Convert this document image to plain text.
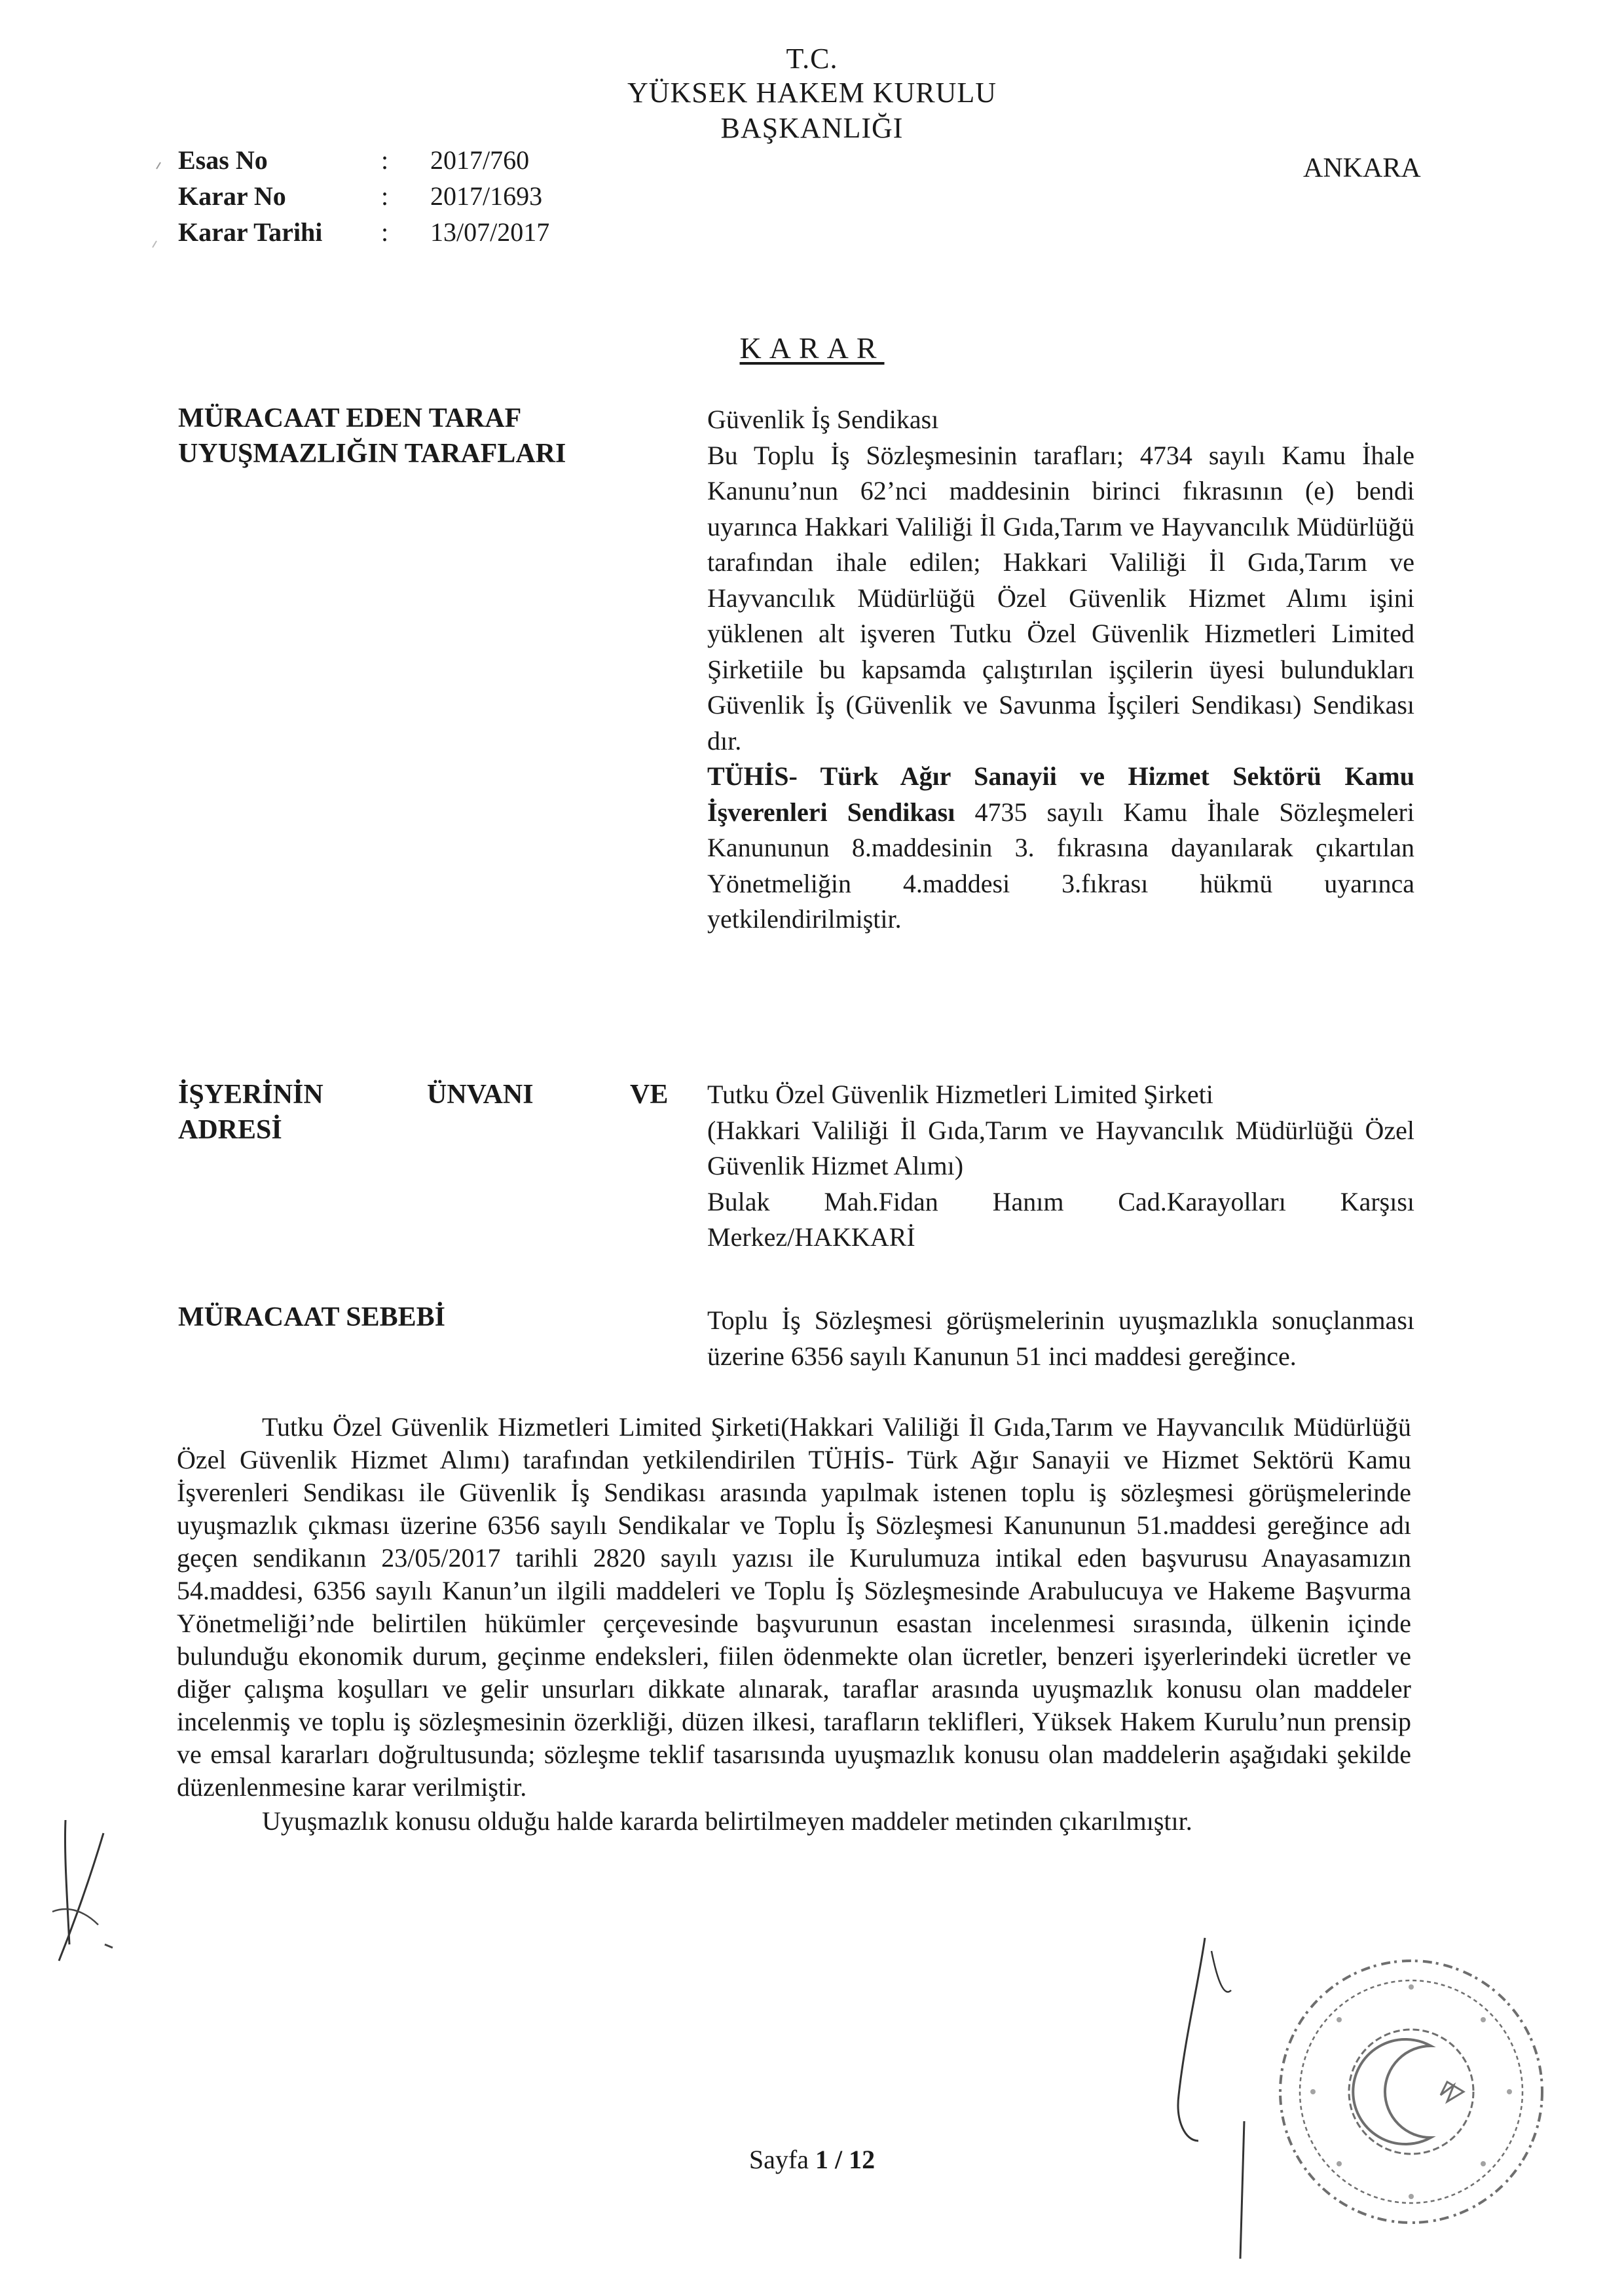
T.C.
YÜKSEK HAKEM KURULU
BAŞKANLIĞI
Esas No	: 2017/760
Karar No	: 2017/1693
Karar Tarihi : 13/07/2017
ANKARA
KARAR
MÜRACAAT EDEN TARAF
UYUŞMAZLIĞIN TARAFLARI

Güvenlik İş Sendikası

Bu Toplu İş Sözleşmesinin tarafları; 4734 sayılı Kamu İhale Kanunu’nun 62’nci maddesinin birinci fıkrasının (e) bendi uyarınca Hakkari Valiliği İl Gıda,Tarım ve Hayvancılık Müdürlüğü tarafından ihale edilen; Hakkari Valiliği İl Gıda,Tarım ve Hayvancılık Müdürlüğü Özel Güvenlik Hizmet Alımı işini yüklenen alt işveren Tutku Özel Güvenlik Hizmetleri Limited Şirketiile bu kapsamda çalıştırılan işçilerin üyesi bulundukları Güvenlik İş (Güvenlik ve Savunma İşçileri Sendikası) Sendikası dır.

TÜHİS- Türk Ağır Sanayii ve Hizmet Sektörü Kamu İşverenleri Sendikası 4735 sayılı Kamu İhale Sözleşmeleri Kanununun 8.maddesinin 3. fıkrasına dayanılarak çıkartılan Yönetmeliğin 4.maddesi 3.fıkrası hükmü uyarınca yetkilendirilmiştir.

İŞYERİNİN	ÜNVANI	VE
ADRESİ

Tutku Özel Güvenlik Hizmetleri Limited Şirketi

(Hakkari Valiliği İl Gıda,Tarım ve Hayvancılık Müdürlüğü Özel Güvenlik Hizmet Alımı)

Bulak Mah.Fidan Hanım Cad.Karayolları Karşısı Merkez/HAKKARİ

MÜRACAAT SEBEBİ	Toplu İş Sözleşmesi görüşmelerinin uyuşmazlıkla sonuçlanması üzerine 6356 sayılı Kanunun 51 inci maddesi gereğince.

Tutku Özel Güvenlik Hizmetleri Limited Şirketi(Hakkari Valiliği İl Gıda,Tarım ve Hayvancılık Müdürlüğü Özel Güvenlik Hizmet Alımı) tarafından yetkilendirilen TÜHİS- Türk Ağır Sanayii ve Hizmet Sektörü Kamu İşverenleri Sendikası ile Güvenlik İş Sendikası arasında yapılmak istenen toplu iş sözleşmesi görüşmelerinde uyuşmazlık çıkması üzerine 6356 sayılı Sendikalar ve Toplu İş Sözleşmesi Kanununun 51.maddesi gereğince adı geçen sendikanın 23/05/2017 tarihli 2820 sayılı yazısı ile Kurulumuza intikal eden başvurusu Anayasamızın 54.maddesi, 6356 sayılı Kanun’un ilgili maddeleri ve Toplu İş Sözleşmesinde Arabulucuya ve Hakeme Başvurma Yönetmeliği’nde belirtilen hükümler çerçevesinde başvurunun esastan incelenmesi sırasında, ülkenin içinde bulunduğu ekonomik durum, geçinme endeksleri, fiilen ödenmekte olan ücretler, benzeri işyerlerindeki ücretler ve diğer çalışma koşulları ve gelir unsurları dikkate alınarak, taraflar arasında uyuşmazlık konusu olan maddeler incelenmiş ve toplu iş sözleşmesinin özerkliği, düzen ilkesi, tarafların teklifleri, Yüksek Hakem Kurulu’nun prensip ve emsal kararları doğrultusunda; sözleşme teklif tasarısında uyuşmazlık konusu olan maddelerin aşağıdaki şekilde düzenlenmesine karar verilmiştir.

Uyuşmazlık konusu olduğu halde kararda belirtilmeyen maddeler metinden çıkarılmıştır.

Sayfa 1 / 12
